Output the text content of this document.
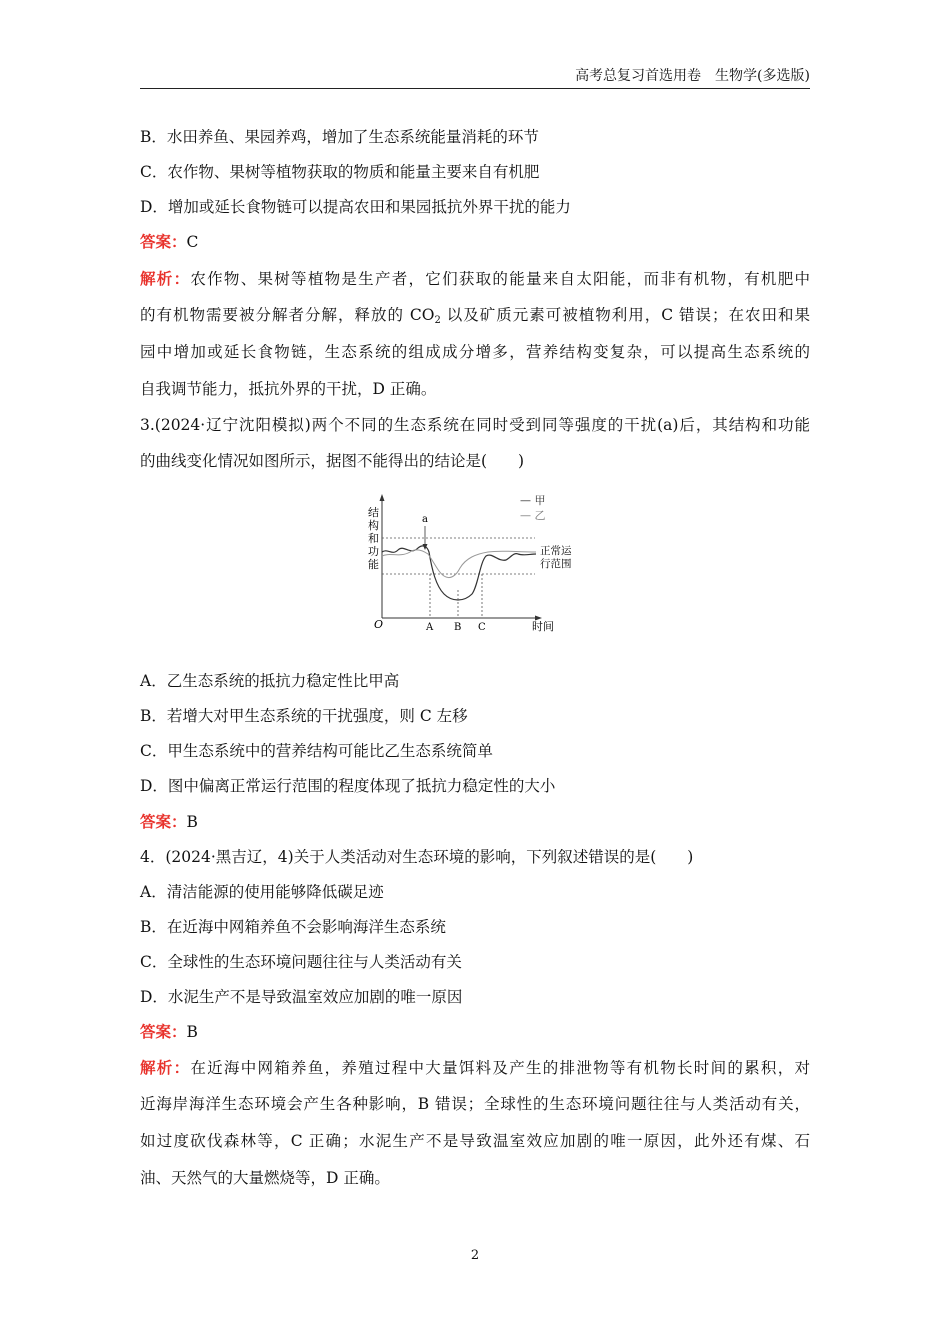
高考总复习首选用卷　生物学(多选版)
B．水田养鱼、果园养鸡，增加了生态系统能量消耗的环节
C．农作物、果树等植物获取的物质和能量主要来自有机肥
D．增加或延长食物链可以提高农田和果园抵抗外界干扰的能力
答案：C
解析：农作物、果树等植物是生产者，它们获取的能量来自太阳能，而非有机物，有机肥中
的有机物需要被分解者分解，释放的 $CO_2$ 以及矿质元素可被植物利用，C 错误；在农田和果
园中增加或延长食物链，生态系统的组成成分增多，营养结构变复杂，可以提高生态系统的
自我调节能力，抵抗外界的干扰，D 正确。
3.(2024·辽宁沈阳模拟)两个不同的生态系统在同时受到同等强度的干扰(a)后，其结构和功能
的曲线变化情况如图所示，据图不能得出的结论是(　　)
结
构
和
功
能
O	时间
正常运
行范围
a
A B C
— 甲
— 乙
A．乙生态系统的抵抗力稳定性比甲高
B．若增大对甲生态系统的干扰强度，则 C 左移
C．甲生态系统中的营养结构可能比乙生态系统简单
D．图中偏离正常运行范围的程度体现了抵抗力稳定性的大小
答案：B
4．(2024·黑吉辽，4)关于人类活动对生态环境的影响，下列叙述错误的是(　　)
A．清洁能源的使用能够降低碳足迹
B．在近海中网箱养鱼不会影响海洋生态系统
C．全球性的生态环境问题往往与人类活动有关
D．水泥生产不是导致温室效应加剧的唯一原因
答案：B
解析：在近海中网箱养鱼，养殖过程中大量饵料及产生的排泄物等有机物长时间的累积，对
近海岸海洋生态环境会产生各种影响，B 错误；全球性的生态环境问题往往与人类活动有关，
如过度砍伐森林等，C 正确；水泥生产不是导致温室效应加剧的唯一原因，此外还有煤、石
油、天然气的大量燃烧等，D 正确。
2
